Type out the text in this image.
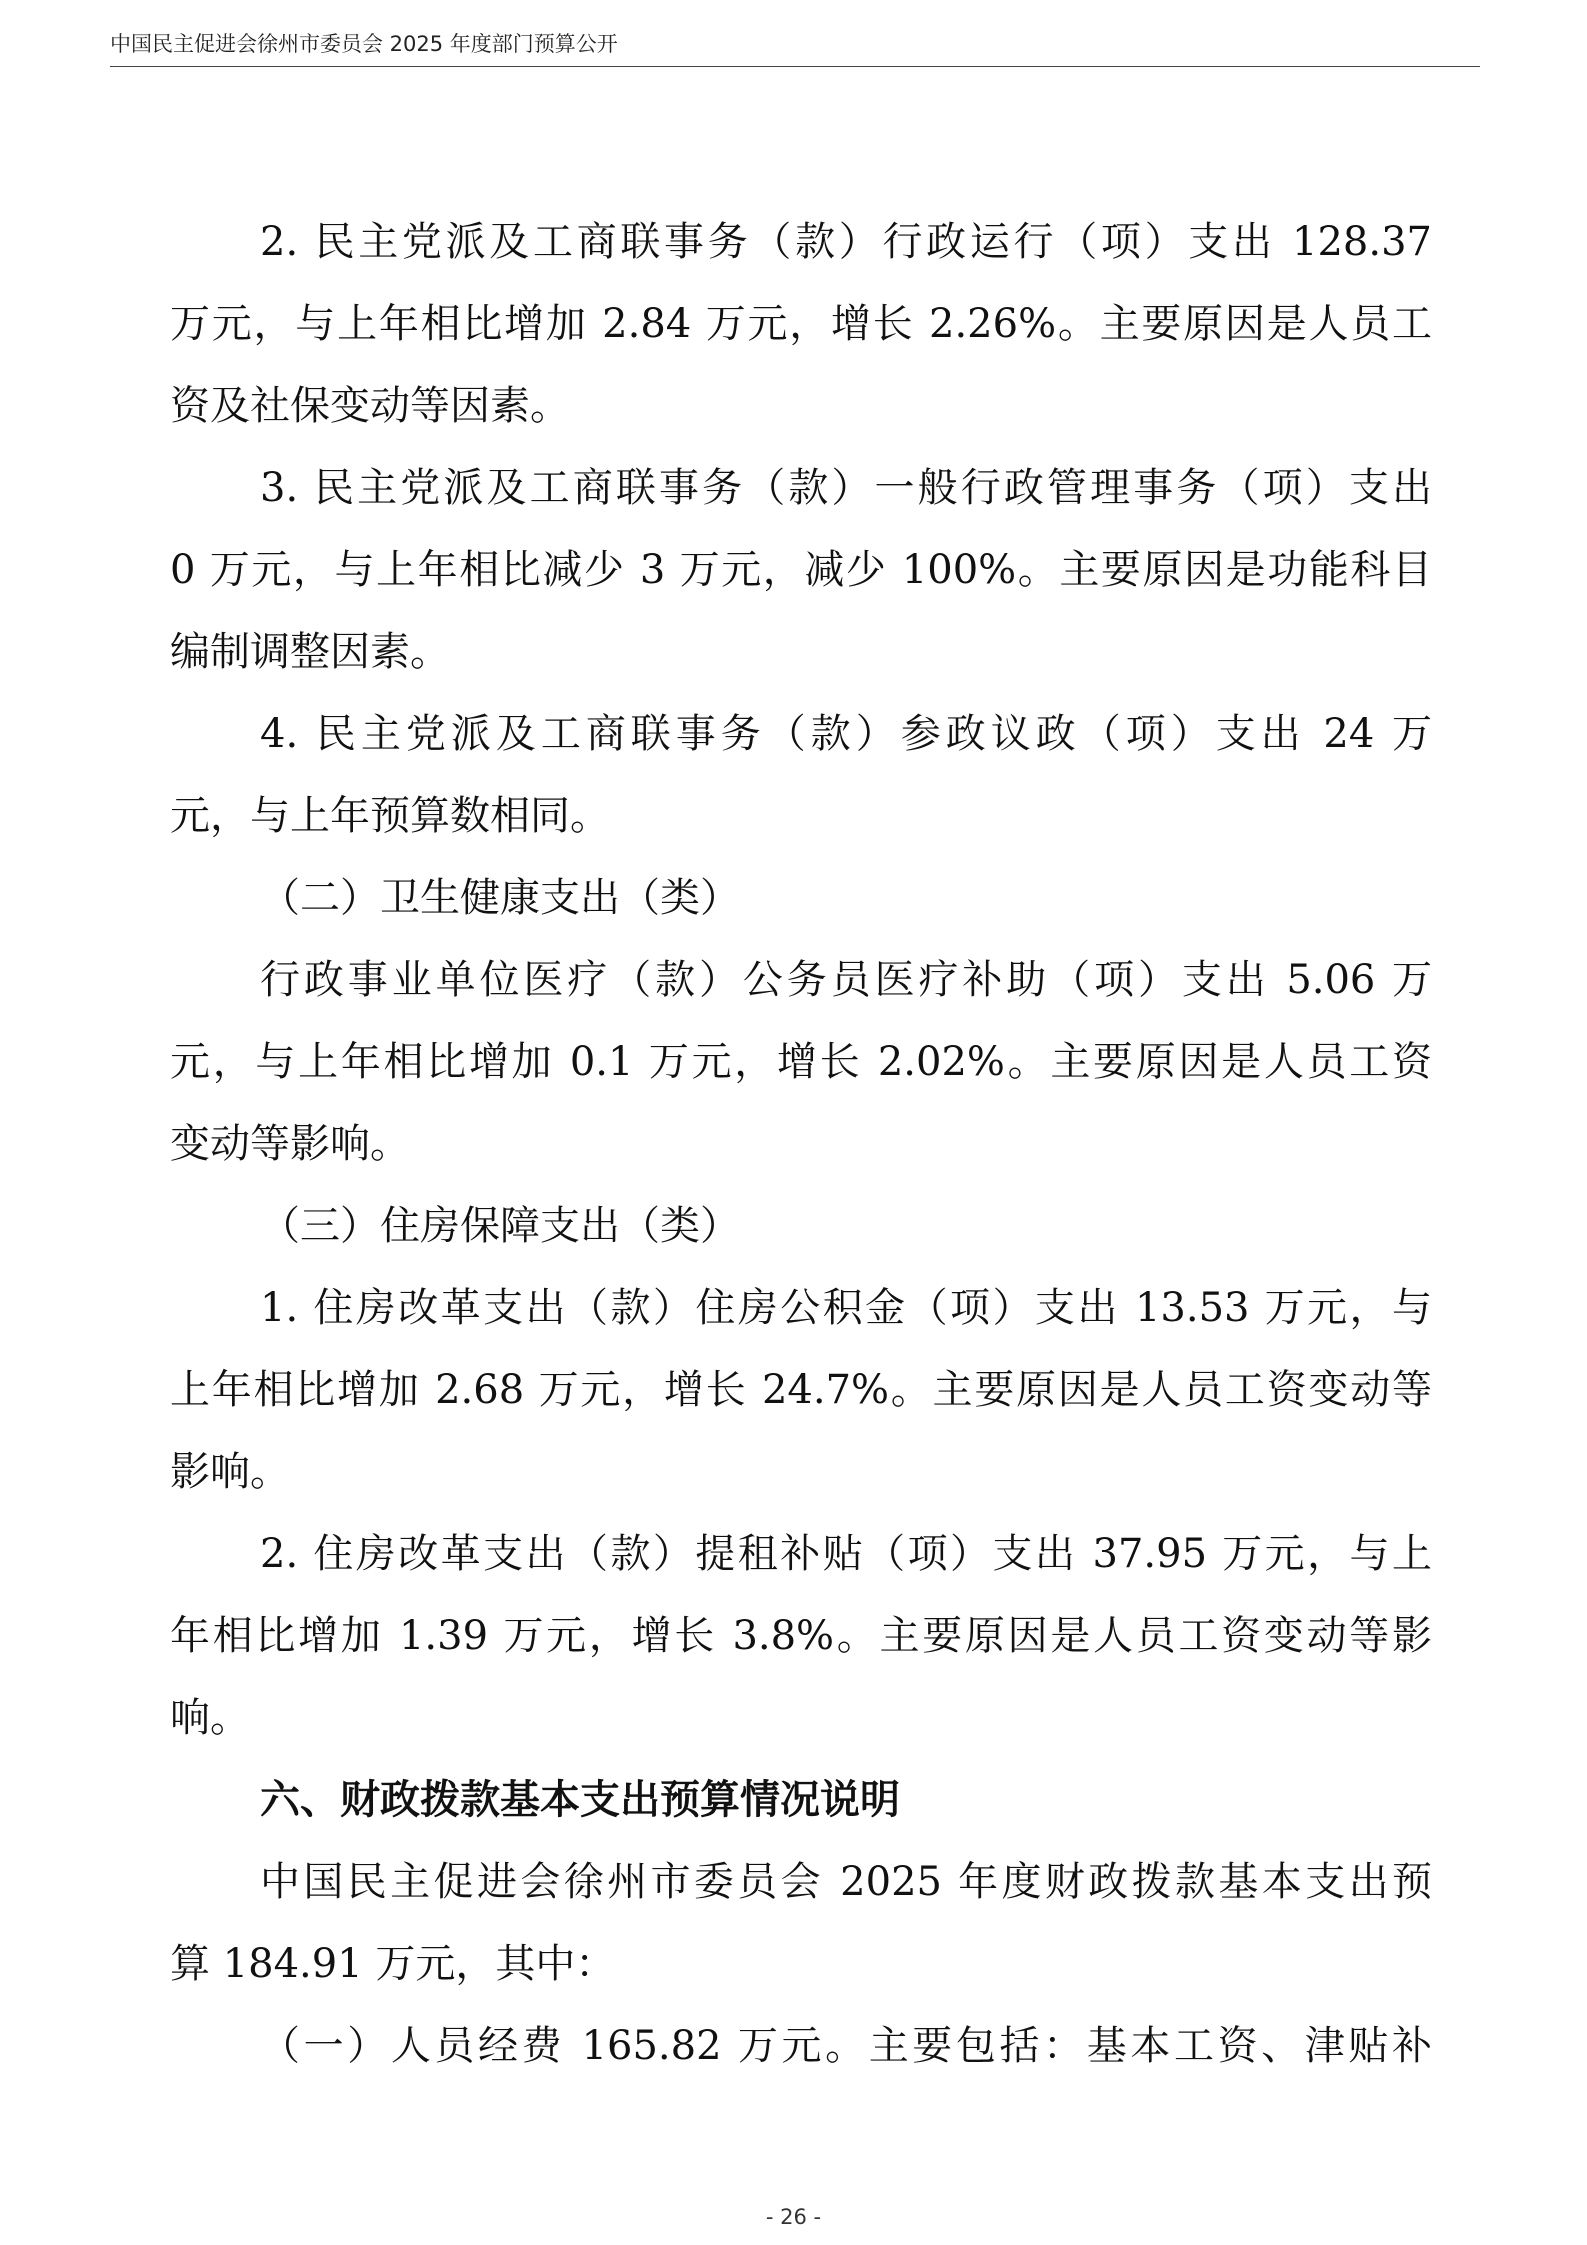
中国民主促进会徐州市委员会 2025 年度部门预算公开
2. 民主党派及工商联事务（款）行政运行（项）支出 128.37
万元，与上年相比增加 2.84 万元，增长 2.26%。主要原因是人员工
资及社保变动等因素。
3. 民主党派及工商联事务（款）一般行政管理事务（项）支出
0 万元，与上年相比减少 3 万元，减少 100%。主要原因是功能科目
编制调整因素。
4. 民主党派及工商联事务（款）参政议政（项）支出 24 万
元，与上年预算数相同。
（二）卫生健康支出（类）
行政事业单位医疗（款）公务员医疗补助（项）支出 5.06 万
元，与上年相比增加 0.1 万元，增长 2.02%。主要原因是人员工资
变动等影响。
（三）住房保障支出（类）
1. 住房改革支出（款）住房公积金（项）支出 13.53 万元，与
上年相比增加 2.68 万元，增长 24.7%。主要原因是人员工资变动等
影响。
2. 住房改革支出（款）提租补贴（项）支出 37.95 万元，与上
年相比增加 1.39 万元，增长 3.8%。主要原因是人员工资变动等影
响。
六、财政拨款基本支出预算情况说明
中国民主促进会徐州市委员会 2025 年度财政拨款基本支出预
算 184.91 万元，其中：
（一）人员经费 165.82 万元。主要包括：基本工资、津贴补
- 26 -
